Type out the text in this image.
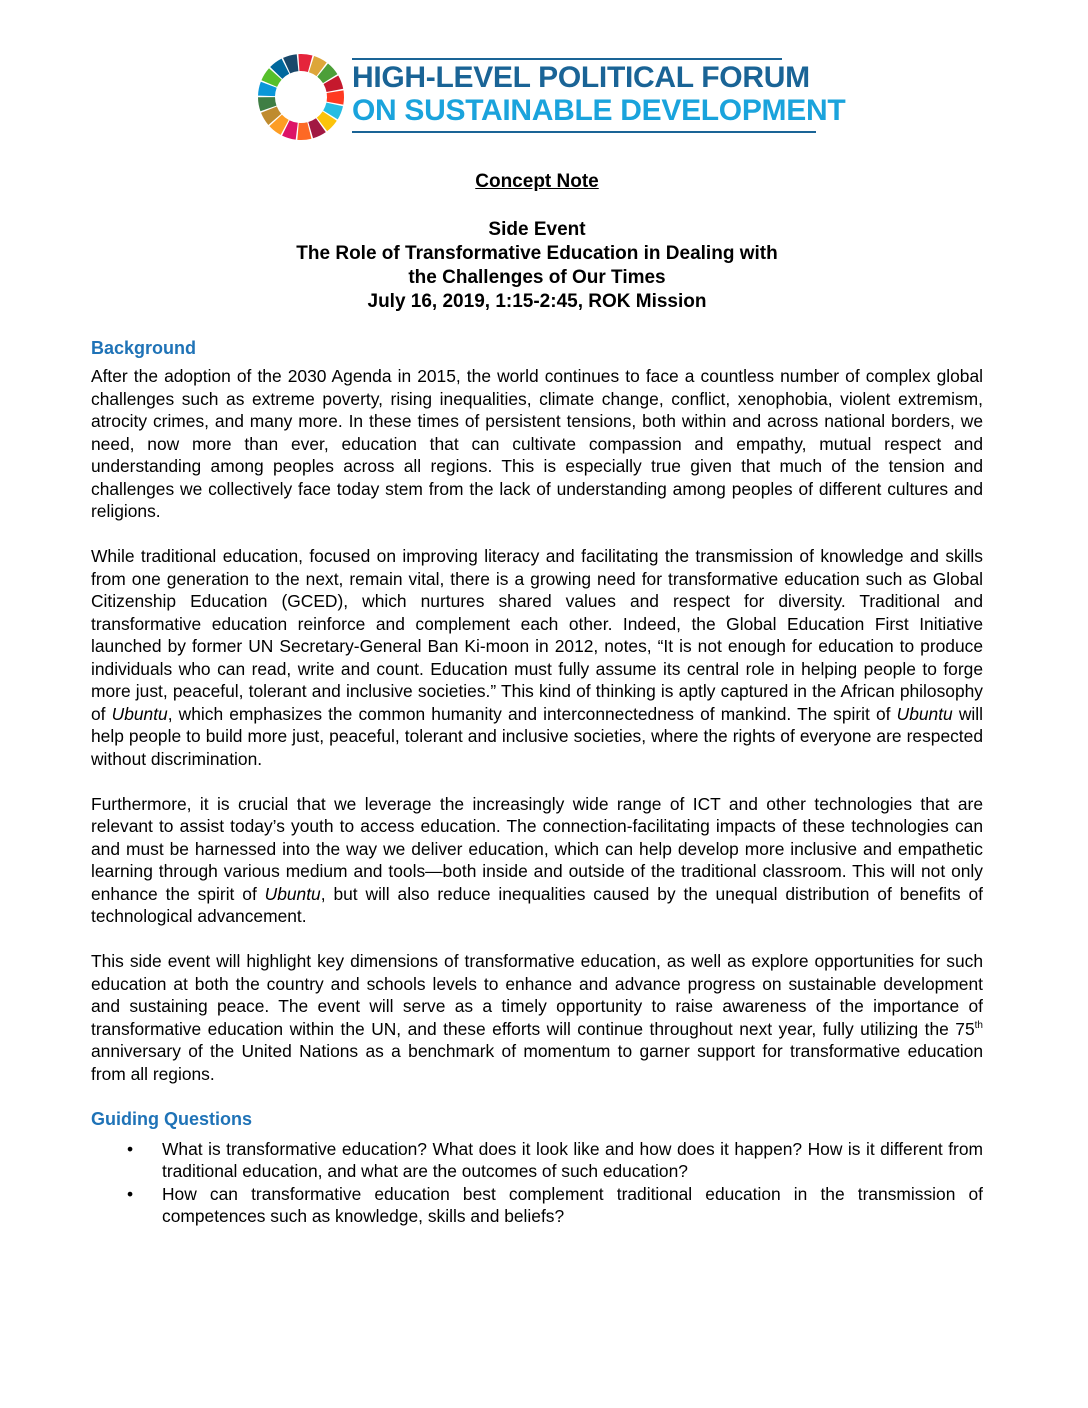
HIGH-LEVEL POLITICAL FORUM
ON SUSTAINABLE DEVELOPMENT
Concept Note
Side Event
The Role of Transformative Education in Dealing with
the Challenges of Our Times
July 16, 2019, 1:15-2:45, ROK Mission
Background

After the adoption of the 2030 Agenda in 2015, the world continues to face a countless number of complex global challenges such as extreme poverty, rising inequalities, climate change, conflict, xenophobia, violent extremism, atrocity crimes, and many more. In these times of persistent tensions, both within and across national borders, we need, now more than ever, education that can cultivate compassion and empathy, mutual respect and understanding among peoples across all regions. This is especially true given that much of the tension and challenges we collectively face today stem from the lack of understanding among peoples of different cultures and religions.

While traditional education, focused on improving literacy and facilitating the transmission of knowledge and skills from one generation to the next, remain vital, there is a growing need for transformative education such as Global Citizenship Education (GCED), which nurtures shared values and respect for diversity. Traditional and transformative education reinforce and complement each other. Indeed, the Global Education First Initiative launched by former UN Secretary-General Ban Ki-moon in 2012, notes, “It is not enough for education to produce individuals who can read, write and count. Education must fully assume its central role in helping people to forge more just, peaceful, tolerant and inclusive societies.” This kind of thinking is aptly captured in the African philosophy of Ubuntu, which emphasizes the common humanity and interconnectedness of mankind. The spirit of Ubuntu will help people to build more just, peaceful, tolerant and inclusive societies, where the rights of everyone are respected without discrimination.

Furthermore, it is crucial that we leverage the increasingly wide range of ICT and other technologies that are relevant to assist today’s youth to access education. The connection-facilitating impacts of these technologies can and must be harnessed into the way we deliver education, which can help develop more inclusive and empathetic learning through various medium and tools—both inside and outside of the traditional classroom. This will not only enhance the spirit of Ubuntu, but will also reduce inequalities caused by the unequal distribution of benefits of technological advancement.

This side event will highlight key dimensions of transformative education, as well as explore opportunities for such education at both the country and schools levels to enhance and advance progress on sustainable development and sustaining peace. The event will serve as a timely opportunity to raise awareness of the importance of transformative education within the UN, and these efforts will continue throughout next year, fully utilizing the 75th anniversary of the United Nations as a benchmark of momentum to garner support for transformative education from all regions.

Guiding Questions
• What is transformative education? What does it look like and how does it happen? How is it different from traditional education, and what are the outcomes of such education?
• How can transformative education best complement traditional education in the transmission of competences such as knowledge, skills and beliefs?
